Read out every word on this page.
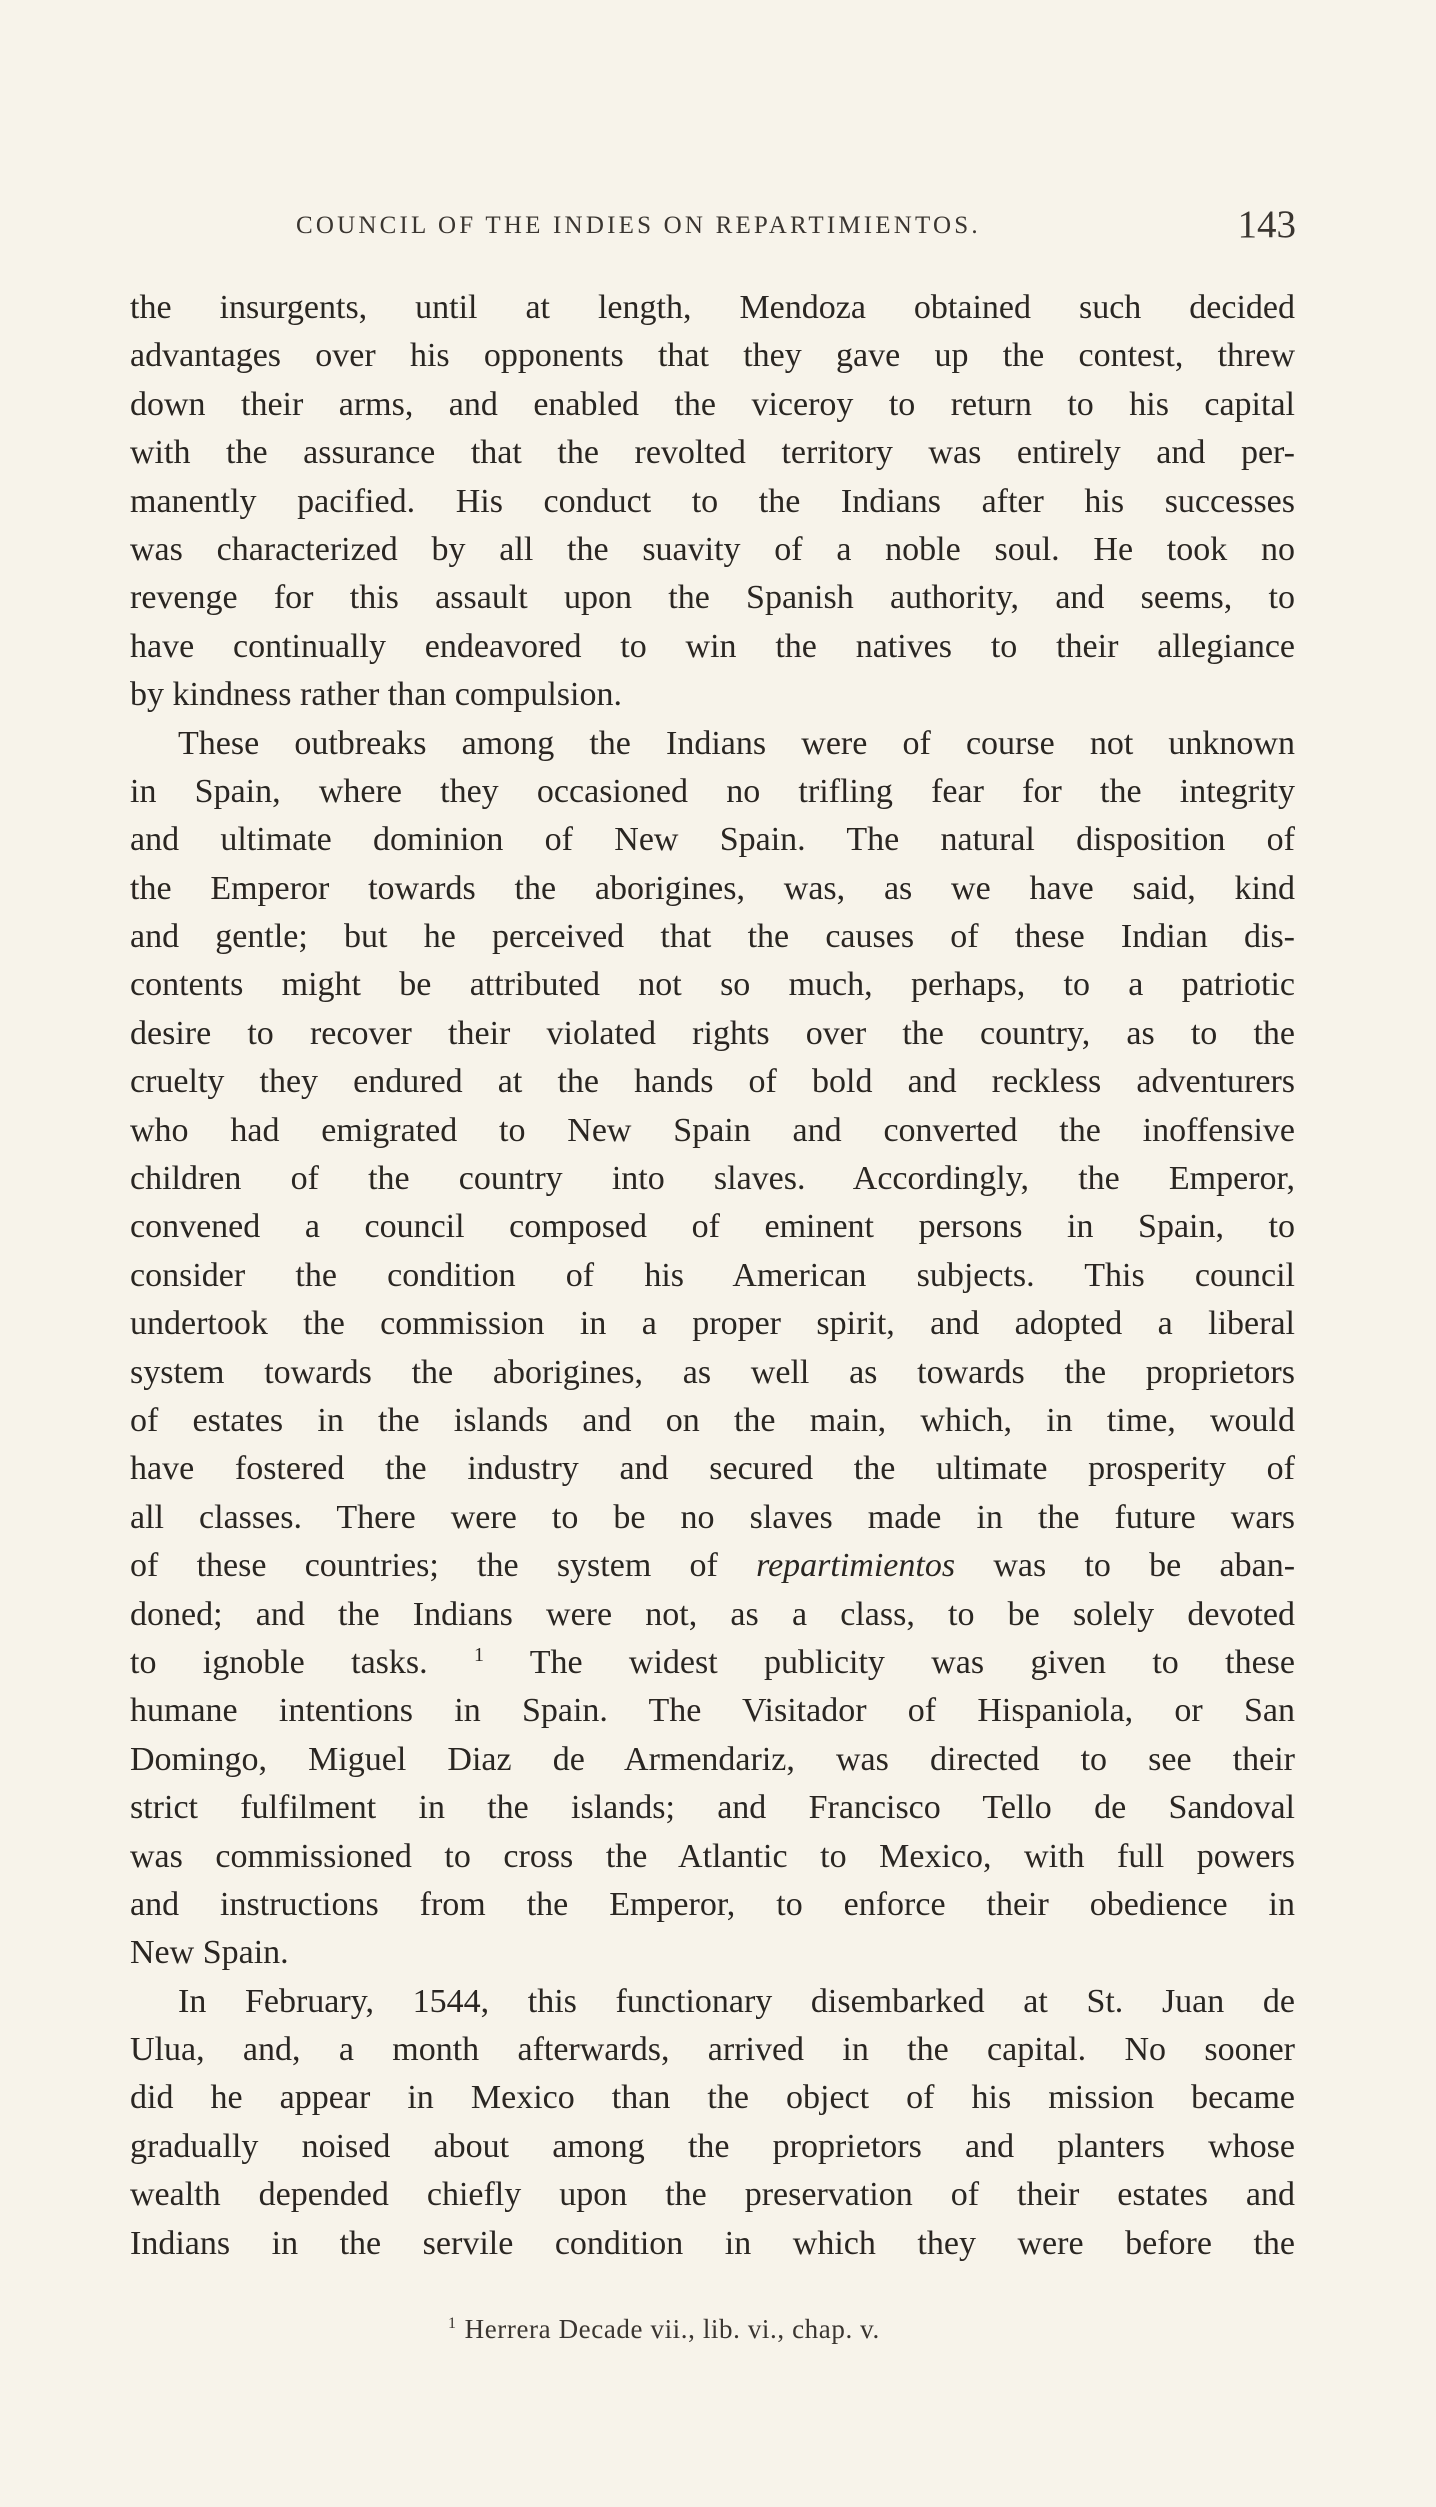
COUNCIL OF THE INDIES ON REPARTIMIENTOS.	143
the insurgents, until at length, Mendoza obtained such decided
advantages over his opponents that they gave up the contest, threw
down their arms, and enabled the viceroy to return to his capital
with the assurance that the revolted territory was entirely and per-
manently pacified. His conduct to the Indians after his successes
was characterized by all the suavity of a noble soul. He took no
revenge for this assault upon the Spanish authority, and seems, to
have continually endeavored to win the natives to their allegiance
by kindness rather than compulsion.
These outbreaks among the Indians were of course not unknown
in Spain, where they occasioned no trifling fear for the integrity
and ultimate dominion of New Spain. The natural disposition of
the Emperor towards the aborigines, was, as we have said, kind
and gentle; but he perceived that the causes of these Indian dis-
contents might be attributed not so much, perhaps, to a patriotic
desire to recover their violated rights over the country, as to the
cruelty they endured at the hands of bold and reckless adventurers
who had emigrated to New Spain and converted the inoffensive
children of the country into slaves. Accordingly, the Emperor,
convened a council composed of eminent persons in Spain, to
consider the condition of his American subjects. This council
undertook the commission in a proper spirit, and adopted a liberal
system towards the aborigines, as well as towards the proprietors
of estates in the islands and on the main, which, in time, would
have fostered the industry and secured the ultimate prosperity of
all classes. There were to be no slaves made in the future wars
of these countries; the system of repartimientos was to be aban-
doned; and the Indians were not, as a class, to be solely devoted
to ignoble tasks. $^1$ The widest publicity was given to these
humane intentions in Spain. The Visitador of Hispaniola, or San
Domingo, Miguel Diaz de Armendariz, was directed to see their
strict fulfilment in the islands; and Francisco Tello de Sandoval
was commissioned to cross the Atlantic to Mexico, with full powers
and instructions from the Emperor, to enforce their obedience in
New Spain.
In February, 1544, this functionary disembarked at St. Juan de
Ulua, and, a month afterwards, arrived in the capital. No sooner
did he appear in Mexico than the object of his mission became
gradually noised about among the proprietors and planters whose
wealth depended chiefly upon the preservation of their estates and
Indians in the servile condition in which they were before the
$^1$ Herrera Decade vii., lib. vi., chap. v.
